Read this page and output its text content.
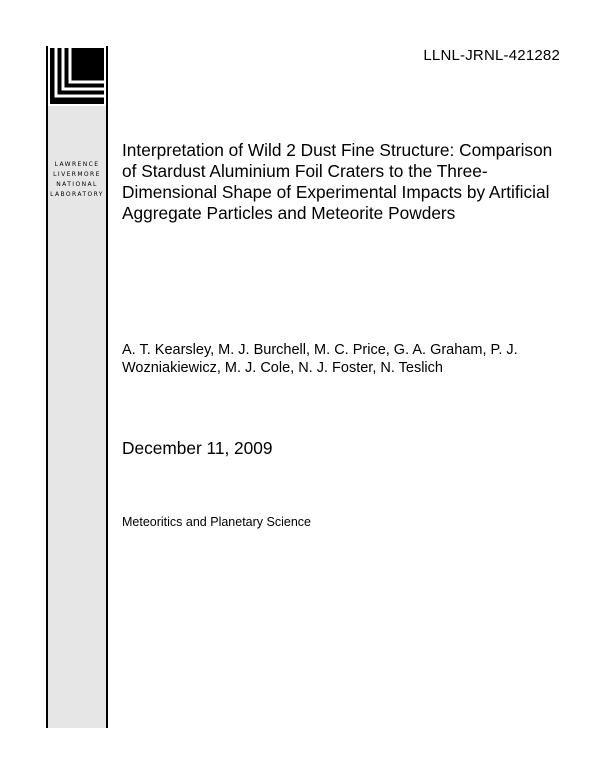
LAWRENCE
LIVERMORE
NATIONAL
LABORATORY
LLNL-JRNL-421282
Interpretation of Wild 2 Dust Fine Structure: Comparison of Stardust Aluminium Foil Craters to the Three-Dimensional Shape of Experimental Impacts by Artificial Aggregate Particles and Meteorite Powders

A. T. Kearsley, M. J. Burchell, M. C. Price, G. A. Graham, P. J. Wozniakiewicz, M. J. Cole, N. J. Foster, N. Teslich

December 11, 2009

Meteoritics and Planetary Science
